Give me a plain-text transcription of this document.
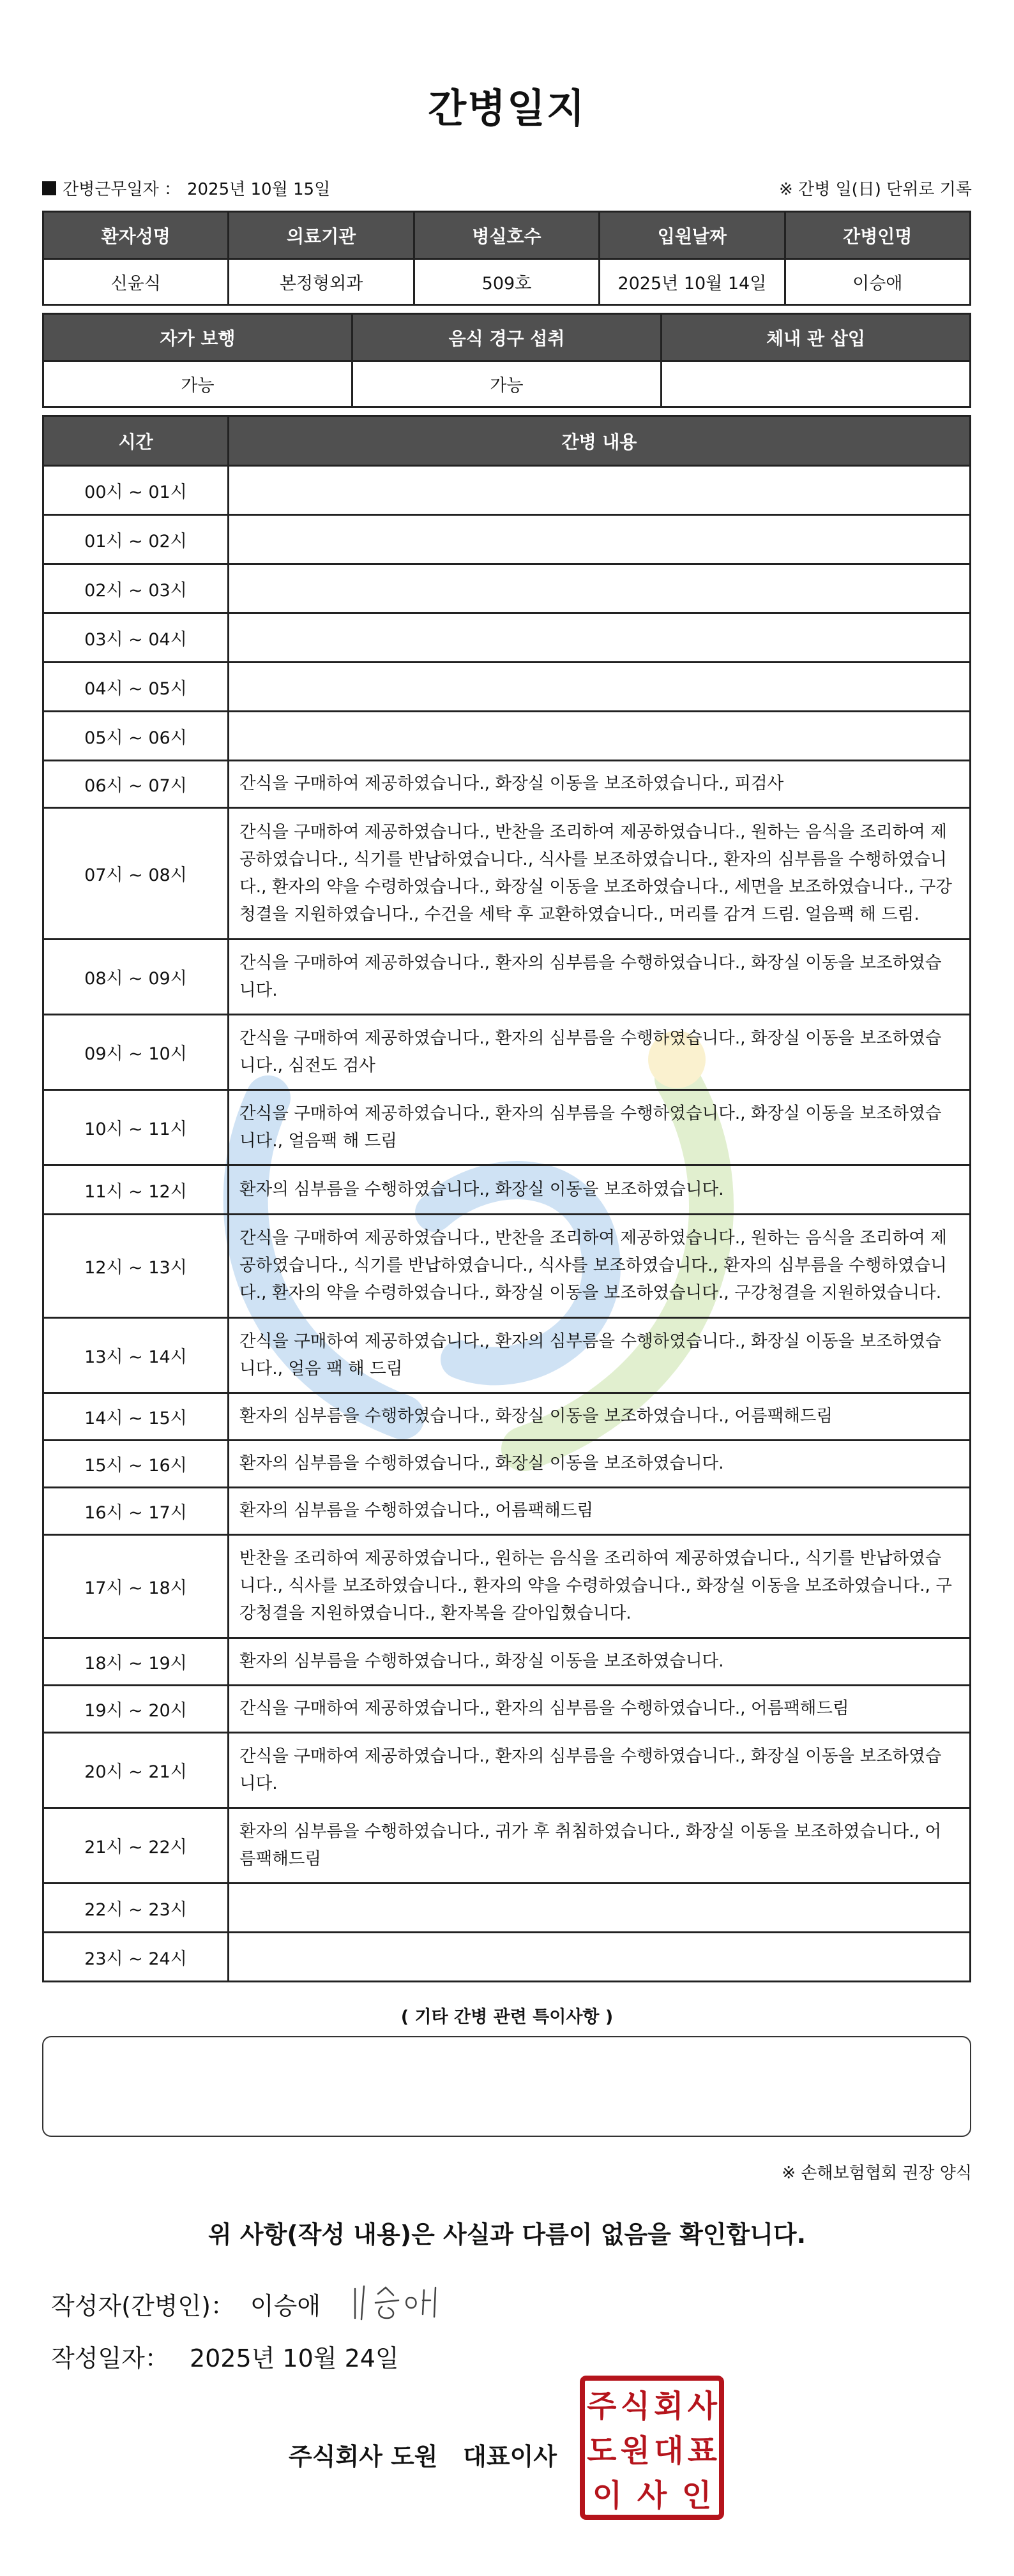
간병일지
간병근무일자 ： 2025년 10월 15일	※ 간병 일(日) 단위로 기록
환자성명	의료기관	병실호수	입원날짜	간병인명
신윤식	본정형외과	509호	2025년 10월 14일	이승애
자가 보행	음식 경구 섭취	체내 관 삽입
가능	가능	
시간	간병 내용
00시 ~ 01시	
01시 ~ 02시	
02시 ~ 03시	
03시 ~ 04시	
04시 ~ 05시	
05시 ~ 06시	
06시 ~ 07시	간식을 구매하여 제공하였습니다., 화장실 이동을 보조하였습니다., 피검사
07시 ~ 08시	간식을 구매하여 제공하였습니다., 반찬을 조리하여 제공하였습니다., 원하는 음식을 조리하여 제공하였습니다., 식기를 반납하였습니다., 식사를 보조하였습니다., 환자의 심부름을 수행하였습니다., 환자의 약을 수령하였습니다., 화장실 이동을 보조하였습니다., 세면을 보조하였습니다., 구강청결을 지원하였습니다., 수건을 세탁 후 교환하였습니다., 머리를 감겨 드림. 얼음팩 해 드림.
08시 ~ 09시	간식을 구매하여 제공하였습니다., 환자의 심부름을 수행하였습니다., 화장실 이동을 보조하였습니다.
09시 ~ 10시	간식을 구매하여 제공하였습니다., 환자의 심부름을 수행하였습니다., 화장실 이동을 보조하였습니다., 심전도 검사
10시 ~ 11시	간식을 구매하여 제공하였습니다., 환자의 심부름을 수행하였습니다., 화장실 이동을 보조하였습니다., 얼음팩 해 드림
11시 ~ 12시	환자의 심부름을 수행하였습니다., 화장실 이동을 보조하였습니다.
12시 ~ 13시	간식을 구매하여 제공하였습니다., 반찬을 조리하여 제공하였습니다., 원하는 음식을 조리하여 제공하였습니다., 식기를 반납하였습니다., 식사를 보조하였습니다., 환자의 심부름을 수행하였습니다., 환자의 약을 수령하였습니다., 화장실 이동을 보조하였습니다., 구강청결을 지원하였습니다.
13시 ~ 14시	간식을 구매하여 제공하였습니다., 환자의 심부름을 수행하였습니다., 화장실 이동을 보조하였습니다., 얼음 팩 해 드림
14시 ~ 15시	환자의 심부름을 수행하였습니다., 화장실 이동을 보조하였습니다., 어름팩해드림
15시 ~ 16시	환자의 심부름을 수행하였습니다., 화장실 이동을 보조하였습니다.
16시 ~ 17시	환자의 심부름을 수행하였습니다., 어름팩해드림
17시 ~ 18시	반찬을 조리하여 제공하였습니다., 원하는 음식을 조리하여 제공하였습니다., 식기를 반납하였습니다., 식사를 보조하였습니다., 환자의 약을 수령하였습니다., 화장실 이동을 보조하였습니다., 구강청결을 지원하였습니다., 환자복을 갈아입혔습니다.
18시 ~ 19시	환자의 심부름을 수행하였습니다., 화장실 이동을 보조하였습니다.
19시 ~ 20시	간식을 구매하여 제공하였습니다., 환자의 심부름을 수행하였습니다., 어름팩해드림
20시 ~ 21시	간식을 구매하여 제공하였습니다., 환자의 심부름을 수행하였습니다., 화장실 이동을 보조하였습니다.
21시 ~ 22시	환자의 심부름을 수행하였습니다., 귀가 후 취침하였습니다., 화장실 이동을 보조하였습니다., 어름팩해드림
22시 ~ 23시	
23시 ~ 24시	
( 기타 간병 관련 특이사항 )
※ 손해보험협회 권장 양식
위 사항(작성 내용)은 사실과 다름이 없음을 확인합니다.
작성자(간병인)： 이승애
작성일자： 2025년 10월 24일
주식회사 도원   대표이사
주 식 회 사
도 원 대 표
이 사 인
